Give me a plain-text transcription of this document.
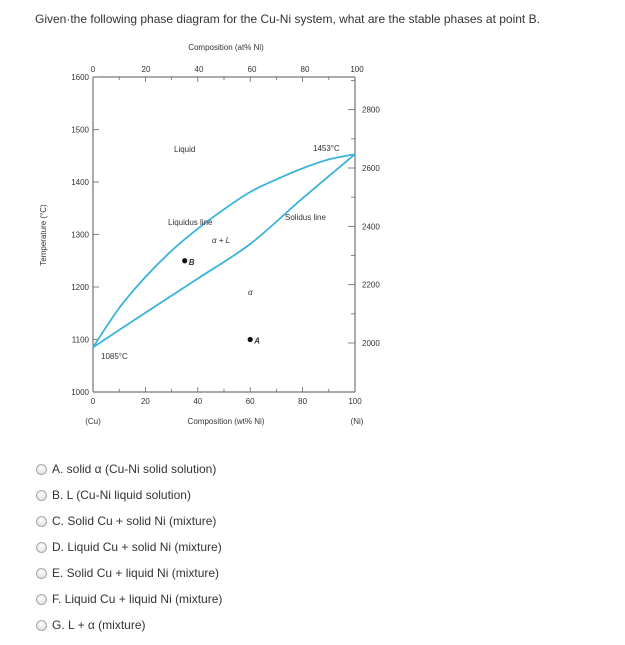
Given·the following phase diagram for the Cu-Ni system, what are the stable phases at point B.
Composition (at% Ni)
Composition (wt% Ni)
Temperature (°C)
(Cu)	(Ni)
0	20	40	60	80	100
0	20	40	60	80	100
1600
1500
1400
1300
1200
1100
1000
2800
2600
2400
2200
2000
1085°C
1453°C
Liquid
Liquidus line
α + L
Solidus line
α
B
A
A. solid α (Cu-Ni solid solution)
B. L (Cu-Ni liquid solution)
C. Solid Cu + solid Ni (mixture)
D. Liquid Cu + solid Ni (mixture)
E. Solid Cu + liquid Ni (mixture)
F. Liquid Cu + liquid Ni (mixture)
G. L + α (mixture)
